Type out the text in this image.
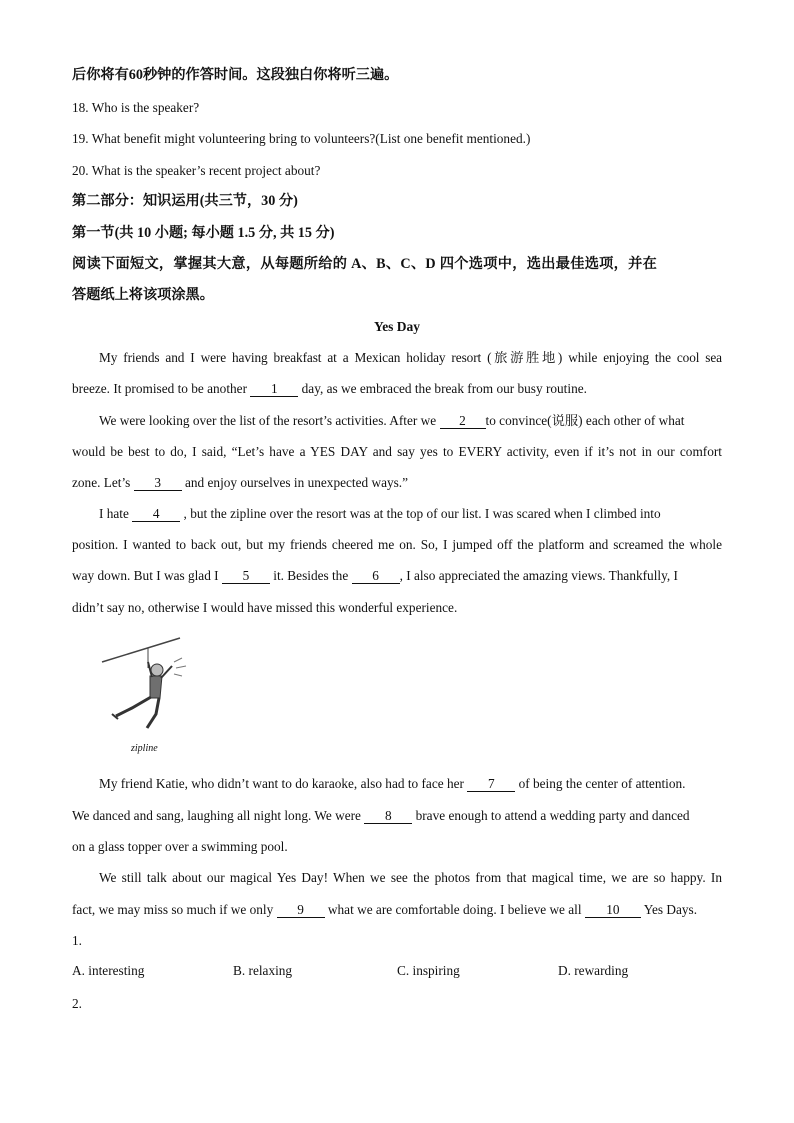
后你将有60秒钟的作答时间。这段独白你将听三遍。
18. Who is the speaker?
19. What benefit might volunteering bring to volunteers?(List one benefit mentioned.)
20. What is the speaker’s recent project about?
第二部分：知识运用(共三节，30 分)
第一节(共 10 小题; 每小题 1.5 分, 共 15 分)
阅读下面短文，掌握其大意，从每题所给的 A、B、C、D 四个选项中，选出最佳选项，并在
答题纸上将该项涂黑。
Yes Day
My friends and I were having breakfast at a Mexican holiday resort (旅游胜地) while enjoying the cool sea
breeze. It promised to be another 1 day, as we embraced the break from our busy routine.
We were looking over the list of the resort’s activities. After we 2 to convince(说服) each other of what
would be best to do, I said, “Let’s have a YES DAY and say yes to EVERY activity, even if it’s not in our comfort
zone. Let’s 3 and enjoy ourselves in unexpected ways.”
I hate 4 , but the zipline over the resort was at the top of our list. I was scared when I climbed into
position. I wanted to back out, but my friends cheered me on. So, I jumped off the platform and screamed the whole
way down. But I was glad I 5 it. Besides the 6 , I also appreciated the amazing views. Thankfully, I
didn’t say no, otherwise I would have missed this wonderful experience.
zipline
My friend Katie, who didn’t want to do karaoke, also had to face her 7 of being the center of attention.
We danced and sang, laughing all night long. We were 8 brave enough to attend a wedding party and danced
on a glass topper over a swimming pool.
We still talk about our magical Yes Day! When we see the photos from that magical time, we are so happy. In
fact, we may miss so much if we only 9 what we are comfortable doing. I believe we all 10 Yes Days.
1.
A. interesting	B. relaxing	C. inspiring	D. rewarding
2.
